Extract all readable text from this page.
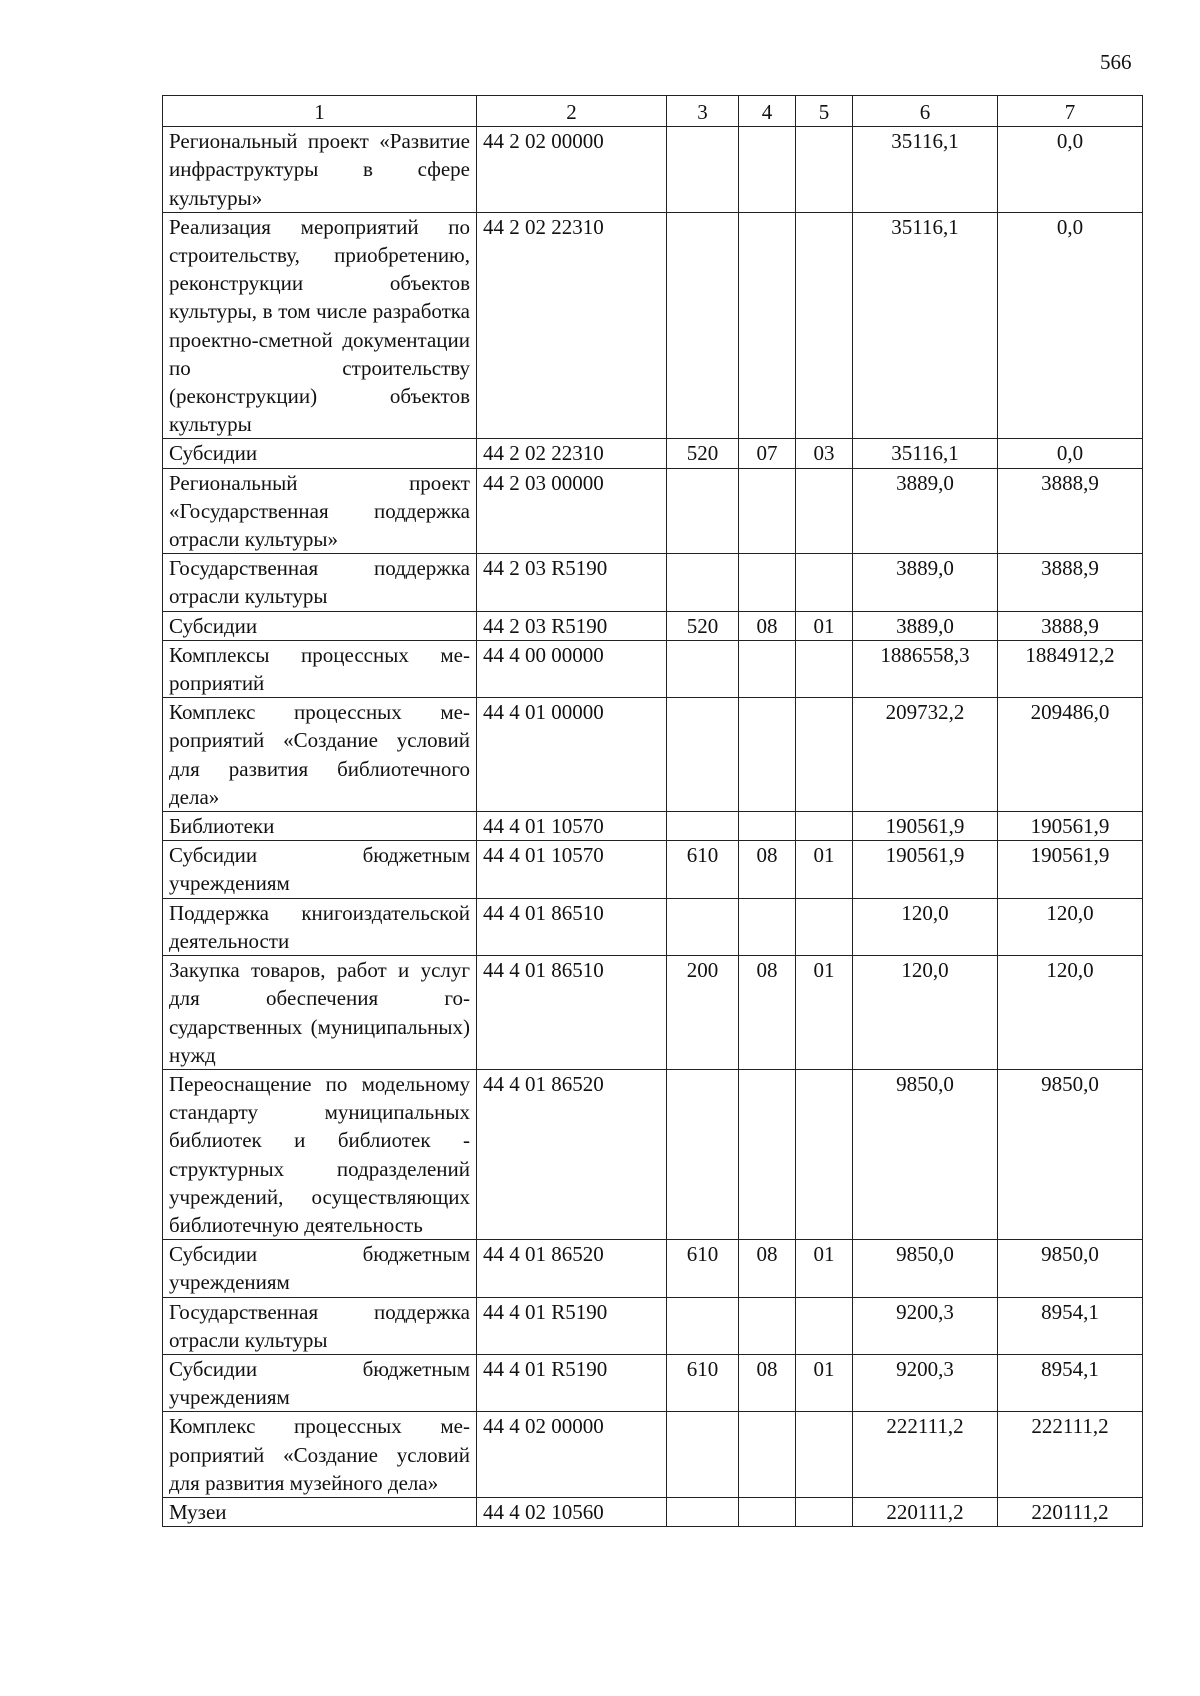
566
1	2	3	4	5	6	7
Региональный проект «Развитие инфраструктуры в сфере культуры»	44 2 02 00000				35116,1	0,0
Реализация мероприятий по строительству, приобретению, реконструкции объектов культуры, в том числе разработка проектно-сметной документации по строительству (реконструкции) объектов культуры	44 2 02 22310				35116,1	0,0
Субсидии	44 2 02 22310	520	07	03	35116,1	0,0
Региональный проект «Государственная поддержка отрасли культуры»	44 2 03 00000				3889,0	3888,9
Государственная поддержка отрасли культуры	44 2 03 R5190				3889,0	3888,9
Субсидии	44 2 03 R5190	520	08	01	3889,0	3888,9
Комплексы процессных мероприятий	44 4 00 00000				1886558,3	1884912,2
Комплекс процессных мероприятий «Создание условий для развития библиотечного дела»	44 4 01 00000				209732,2	209486,0
Библиотеки	44 4 01 10570				190561,9	190561,9
Субсидии бюджетным учреждениям	44 4 01 10570	610	08	01	190561,9	190561,9
Поддержка книгоиздательской деятельности	44 4 01 86510				120,0	120,0
Закупка товаров, работ и услуг для обеспечения государственных (муниципальных) нужд	44 4 01 86510	200	08	01	120,0	120,0
Переоснащение по модельному стандарту муниципальных библиотек и библиотек - структурных подразделений учреждений, осуществляющих библиотечную деятельность	44 4 01 86520				9850,0	9850,0
Субсидии бюджетным учреждениям	44 4 01 86520	610	08	01	9850,0	9850,0
Государственная поддержка отрасли культуры	44 4 01 R5190				9200,3	8954,1
Субсидии бюджетным учреждениям	44 4 01 R5190	610	08	01	9200,3	8954,1
Комплекс процессных мероприятий «Создание условий для развития музейного дела»	44 4 02 00000				222111,2	222111,2
Музеи	44 4 02 10560				220111,2	220111,2
